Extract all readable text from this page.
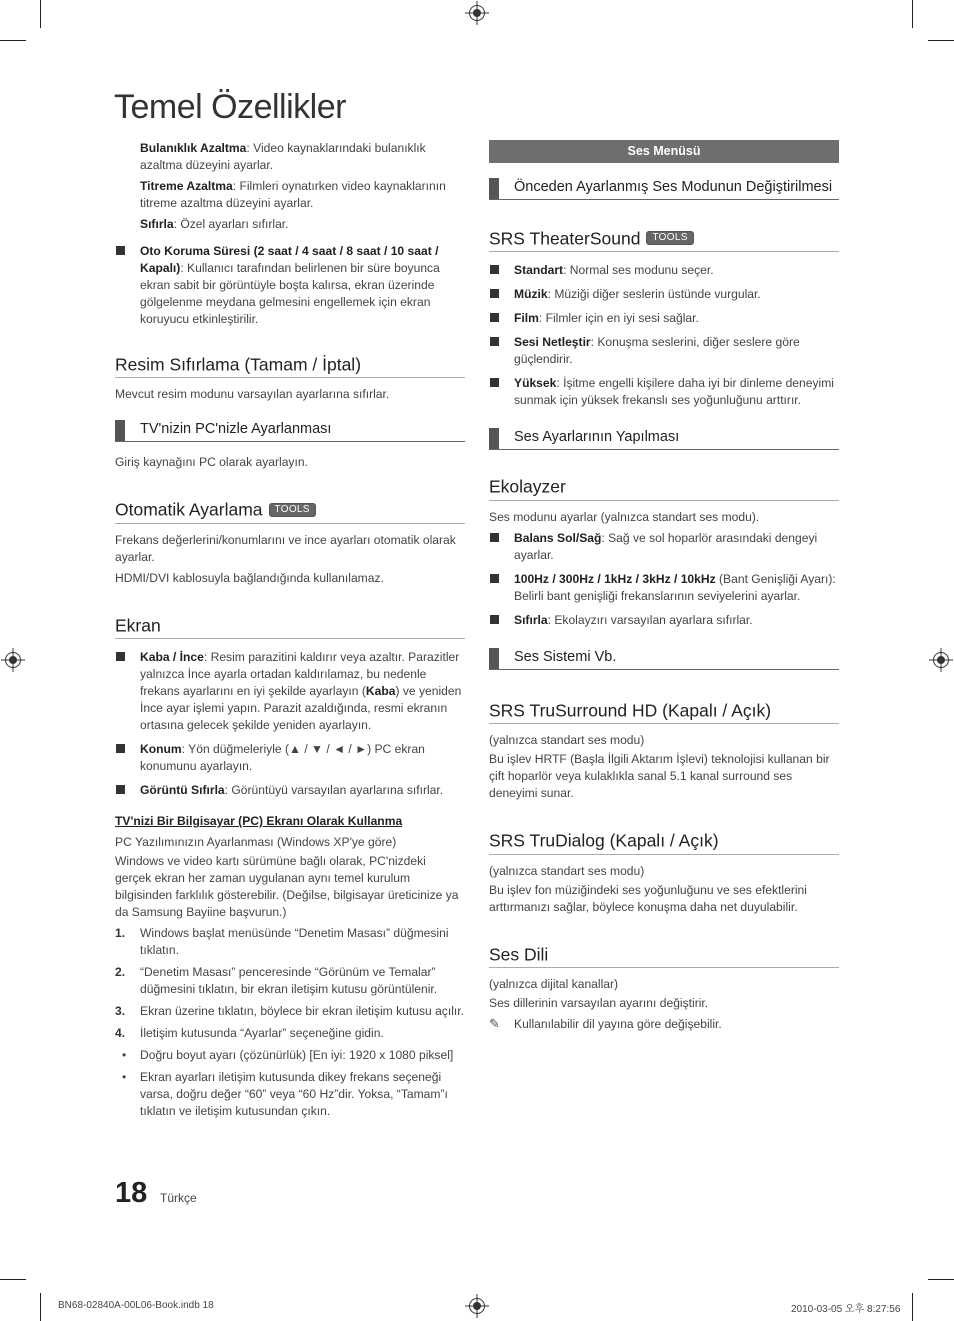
Temel Özellikler

Bulanıklık Azaltma: Video kaynaklarındaki bulanıklık azaltma düzeyini ayarlar.

Titreme Azaltma: Filmleri oynatırken video kaynaklarının titreme azaltma düzeyini ayarlar.

Sıfırla: Özel ayarları sıfırlar.

Oto Koruma Süresi (2 saat / 4 saat / 8 saat / 10 saat / Kapalı): Kullanıcı tarafından belirlenen bir süre boyunca ekran sabit bir görüntüyle boşta kalırsa, ekran üzerinde gölgelenme meydana gelmesini engellemek için ekran koruyucu etkinleştirilir.
Resim Sıfırlama (Tamam / İptal)

Mevcut resim modunu varsayılan ayarlarına sıfırlar.

TV'nizin PC'nizle Ayarlanması

Giriş kaynağını PC olarak ayarlayın.

Otomatik Ayarlama TOOLS

Frekans değerlerini/konumlarını ve ince ayarları otomatik olarak ayarlar.

HDMI/DVI kablosuyla bağlandığında kullanılamaz.

Ekran
Kaba / İnce: Resim parazitini kaldırır veya azaltır. Parazitler yalnızca İnce ayarla ortadan kaldırılamaz, bu nedenle frekans ayarlarını en iyi şekilde ayarlayın (Kaba) ve yeniden İnce ayar işlemi yapın. Parazit azaldığında, resmi ekranın ortasına gelecek şekilde yeniden ayarlayın.
Konum: Yön düğmeleriyle (▲ / ▼ / ◄ / ►) PC ekran konumunu ayarlayın.
Görüntü Sıfırla: Görüntüyü varsayılan ayarlarına sıfırlar.
TV'nizi Bir Bilgisayar (PC) Ekranı Olarak Kullanma

PC Yazılımınızın Ayarlanması (Windows XP'ye göre)

Windows ve video kartı sürümüne bağlı olarak, PC'nizdeki gerçek ekran her zaman uygulanan aynı temel kurulum bilgisinden farklılık gösterebilir. (Değilse, bilgisayar üreticinize ya da Samsung Bayiine başvurun.)

1. Windows başlat menüsünde “Denetim Masası” düğmesini tıklatın.
2. “Denetim Masası” penceresinde “Görünüm ve Temalar” düğmesini tıklatın, bir ekran iletişim kutusu görüntülenir.
3. Ekran üzerine tıklatın, böylece bir ekran iletişim kutusu açılır.
4. İletişim kutusunda “Ayarlar” seçeneğine gidin.
• Doğru boyut ayarı (çözünürlük) [En iyi: 1920 x 1080 piksel]
• Ekran ayarları iletişim kutusunda dikey frekans seçeneği varsa, doğru değer “60” veya “60 Hz”dir. Yoksa, “Tamam”ı tıklatın ve iletişim kutusundan çıkın.
Ses Menüsü
Önceden Ayarlanmış Ses Modunun Değiştirilmesi
SRS TheaterSound TOOLS
Standart: Normal ses modunu seçer.
Müzik: Müziği diğer seslerin üstünde vurgular.
Film: Filmler için en iyi sesi sağlar.
Sesi Netleştir: Konuşma seslerini, diğer seslere göre güçlendirir.
Yüksek: İşitme engelli kişilere daha iyi bir dinleme deneyimi sunmak için yüksek frekanslı ses yoğunluğunu arttırır.
Ses Ayarlarının Yapılması
Ekolayzer

Ses modunu ayarlar (yalnızca standart ses modu).

Balans Sol/Sağ: Sağ ve sol hoparlör arasındaki dengeyi ayarlar.
100Hz / 300Hz / 1kHz / 3kHz / 10kHz (Bant Genişliği Ayarı): Belirli bant genişliği frekanslarının seviyelerini ayarlar.
Sıfırla: Ekolayzırı varsayılan ayarlara sıfırlar.
Ses Sistemi Vb.
SRS TruSurround HD (Kapalı / Açık)

(yalnızca standart ses modu)

Bu işlev HRTF (Başla İlgili Aktarım İşlevi) teknolojisi kullanan bir çift hoparlör veya kulaklıkla sanal 5.1 kanal surround ses deneyimi sunar.

SRS TruDialog (Kapalı / Açık)

(yalnızca standart ses modu)

Bu işlev fon müziğindeki ses yoğunluğunu ve ses efektlerini arttırmanızı sağlar, böylece konuşma daha net duyulabilir.

Ses Dili

(yalnızca dijital kanallar)

Ses dillerinin varsayılan ayarını değiştirir.

✎ Kullanılabilir dil yayına göre değişebilir.
18 Türkçe
BN68-02840A-00L06-Book.indb 18	2010-03-05 오후 8:27:56
